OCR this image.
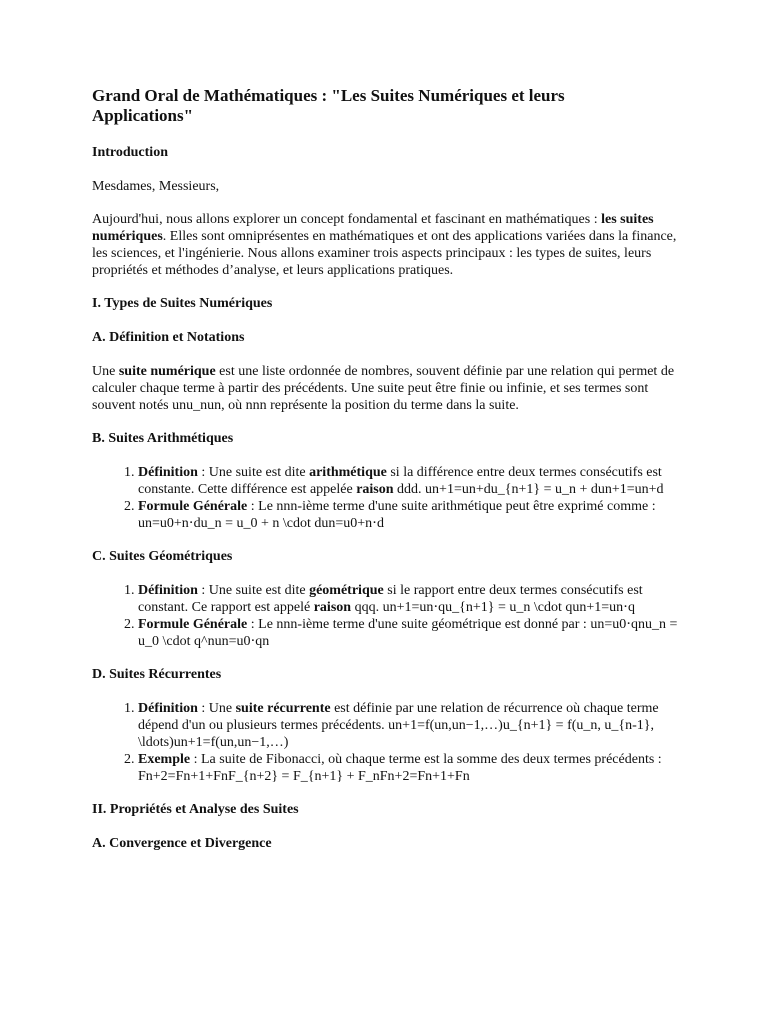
Grand Oral de Mathématiques : "Les Suites Numériques et leurs Applications"
Introduction

Mesdames, Messieurs,

Aujourd'hui, nous allons explorer un concept fondamental et fascinant en mathématiques : les suites numériques. Elles sont omniprésentes en mathématiques et ont des applications variées dans la finance, les sciences, et l'ingénierie. Nous allons examiner trois aspects principaux : les types de suites, leurs propriétés et méthodes d’analyse, et leurs applications pratiques.

I. Types de Suites Numériques
A. Définition et Notations

Une suite numérique est une liste ordonnée de nombres, souvent définie par une relation qui permet de calculer chaque terme à partir des précédents. Une suite peut être finie ou infinie, et ses termes sont souvent notés unu_nun, où nnn représente la position du terme dans la suite.

B. Suites Arithmétiques
1. Définition : Une suite est dite arithmétique si la différence entre deux termes consécutifs est constante. Cette différence est appelée raison ddd. un+1=un+du_{n+1} = u_n + dun+1=un+d
2. Formule Générale : Le nnn-ième terme d'une suite arithmétique peut être exprimé comme : un=u0+n⋅du_n = u_0 + n \cdot dun=u0+n⋅d
C. Suites Géométriques
1. Définition : Une suite est dite géométrique si le rapport entre deux termes consécutifs est constant. Ce rapport est appelé raison qqq. un+1=un⋅qu_{n+1} = u_n \cdot qun+1=un⋅q
2. Formule Générale : Le nnn-ième terme d'une suite géométrique est donné par : un=u0⋅qnu_n = u_0 \cdot q^nun=u0⋅qn
D. Suites Récurrentes
1. Définition : Une suite récurrente est définie par une relation de récurrence où chaque terme dépend d'un ou plusieurs termes précédents. un+1=f(un,un−1,…)u_{n+1} = f(u_n, u_{n-1}, \ldots)un+1=f(un,un−1,…)
2. Exemple : La suite de Fibonacci, où chaque terme est la somme des deux termes précédents : Fn+2=Fn+1+FnF_{n+2} = F_{n+1} + F_nFn+2=Fn+1+Fn
II. Propriétés et Analyse des Suites
A. Convergence et Divergence
